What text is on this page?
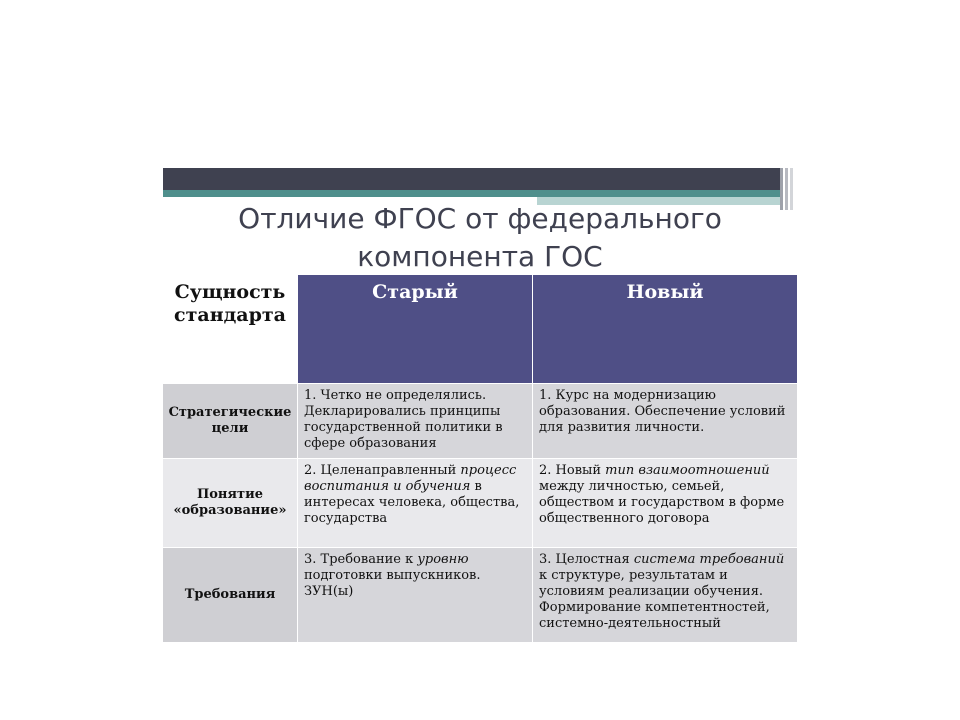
Отличие ФГОС от федерального
компонента ГОС
Сущность стандарта
Старый	Новый
Стратегические цели
1. Четко не определялись. Декларировались принципы государственной политики в сфере образования
1. Курс на модернизацию образования. Обеспечение условий для развития личности.
Понятие «образование»
2. Целенаправленный процесс воспитания и обучения в интересах человека, общества, государства
2. Новый тип взаимоотношений между личностью, семьей, обществом и государством в форме общественного договора
Требования
3. Требование к уровню подготовки выпускников. ЗУН(ы)
3. Целостная система требований к структуре, результатам и условиям реализации обучения. Формирование компетентностей, системно-деятельностный
